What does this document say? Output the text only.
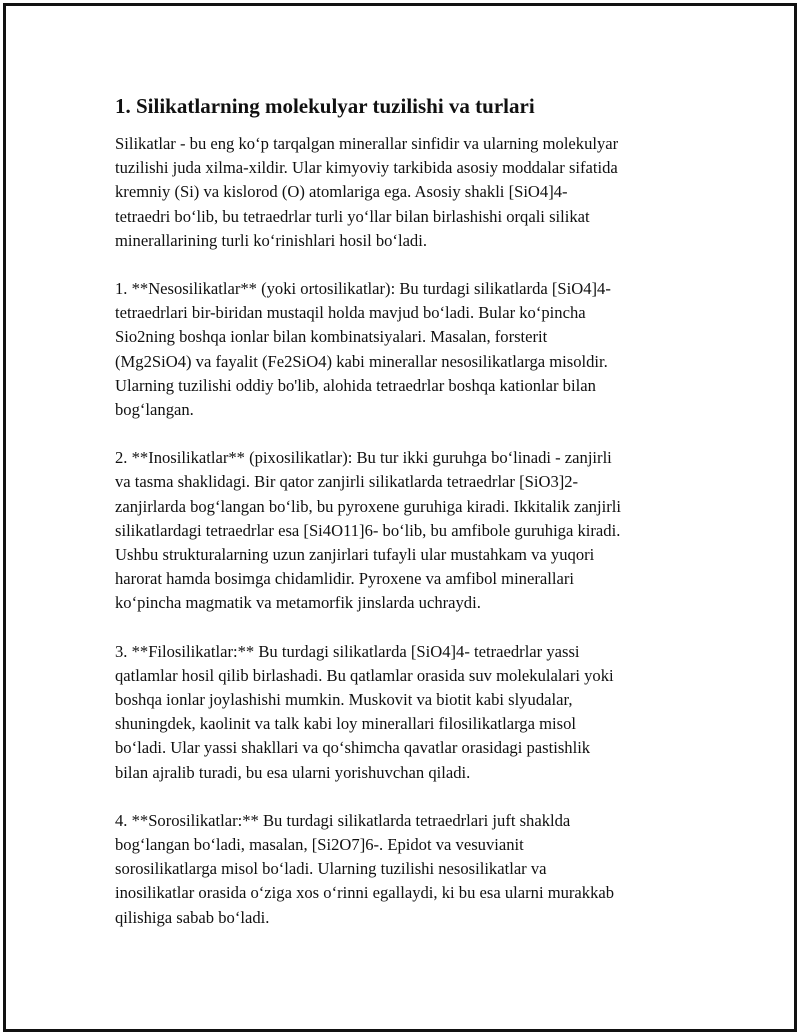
1. Silikatlarning molekulyar tuzilishi va turlari

Silikatlar - bu eng ko‘p tarqalgan minerallar sinfidir va ularning molekulyar
tuzilishi juda xilma-xildir. Ular kimyoviy tarkibida asosiy moddalar sifatida
kremniy (Si) va kislorod (O) atomlariga ega. Asosiy shakli [SiO4]4-
tetraedri bo‘lib, bu tetraedrlar turli yo‘llar bilan birlashishi orqali silikat
minerallarining turli ko‘rinishlari hosil bo‘ladi.

1. **Nesosilikatlar** (yoki ortosilikatlar): Bu turdagi silikatlarda [SiO4]4-
tetraedrlari bir-biridan mustaqil holda mavjud bo‘ladi. Bular ko‘pincha
Sio2ning boshqa ionlar bilan kombinatsiyalari. Masalan, forsterit
(Mg2SiO4) va fayalit (Fe2SiO4) kabi minerallar nesosilikatlarga misoldir.
Ularning tuzilishi oddiy bo'lib, alohida tetraedrlar boshqa kationlar bilan
bog‘langan.

2. **Inosilikatlar** (pixosilikatlar): Bu tur ikki guruhga bo‘linadi - zanjirli
va tasma shaklidagi. Bir qator zanjirli silikatlarda tetraedrlar [SiO3]2-
zanjirlarda bog‘langan bo‘lib, bu pyroxene guruhiga kiradi. Ikkitalik zanjirli
silikatlardagi tetraedrlar esa [Si4O11]6- bo‘lib, bu amfibole guruhiga kiradi.
Ushbu strukturalarning uzun zanjirlari tufayli ular mustahkam va yuqori
harorat hamda bosimga chidamlidir. Pyroxene va amfibol minerallari
ko‘pincha magmatik va metamorfik jinslarda uchraydi.

3. **Filosilikatlar:** Bu turdagi silikatlarda [SiO4]4- tetraedrlar yassi
qatlamlar hosil qilib birlashadi. Bu qatlamlar orasida suv molekulalari yoki
boshqa ionlar joylashishi mumkin. Muskovit va biotit kabi slyudalar,
shuningdek, kaolinit va talk kabi loy minerallari filosilikatlarga misol
bo‘ladi. Ular yassi shakllari va qo‘shimcha qavatlar orasidagi pastishlik
bilan ajralib turadi, bu esa ularni yorishuvchan qiladi.

4. **Sorosilikatlar:** Bu turdagi silikatlarda tetraedrlari juft shaklda
bog‘langan bo‘ladi, masalan, [Si2O7]6-. Epidot va vesuvianit
sorosilikatlarga misol bo‘ladi. Ularning tuzilishi nesosilikatlar va
inosilikatlar orasida o‘ziga xos o‘rinni egallaydi, ki bu esa ularni murakkab
qilishiga sabab bo‘ladi.
